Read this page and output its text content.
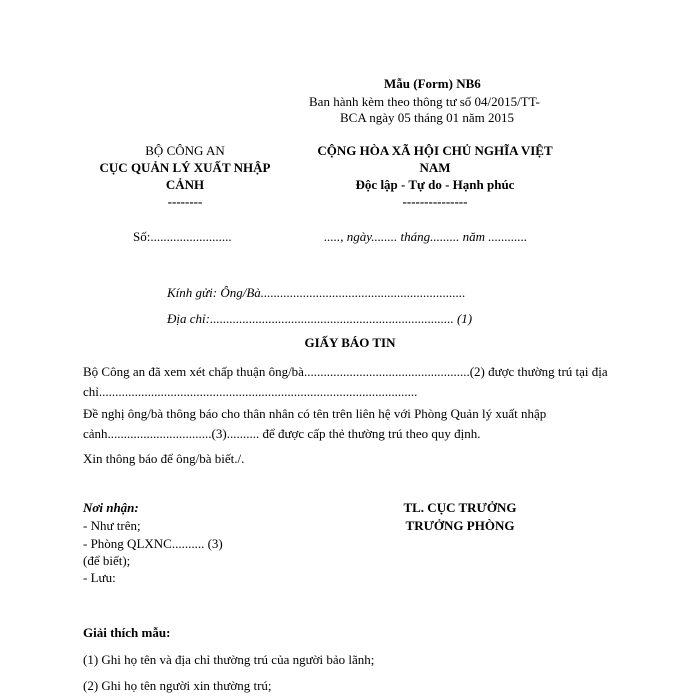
Mẫu (Form) NB6
Ban hành kèm theo thông tư số 04/2015/TT-
BCA ngày 05 tháng 01 năm 2015
BỘ CÔNG AN
CỤC QUẢN LÝ XUẤT NHẬP
CẢNH
--------
CỘNG HÒA XÃ HỘI CHỦ NGHĨA VIỆT
NAM
Độc lập - Tự do - Hạnh phúc
---------------
Số:.........................	....., ngày........ tháng......... năm ............
Kính gửi: Ông/Bà...............................................................
Địa chỉ:........................................................................... (1)
GIẤY BÁO TIN
Bộ Công an đã xem xét chấp thuận ông/bà...................................................(2) được thường trú tại địa chỉ..................................................................................................
Đề nghị ông/bà thông báo cho thân nhân có tên trên liên hệ với Phòng Quản lý xuất nhập cảnh................................(3).......... để được cấp thẻ thường trú theo quy định.
Xin thông báo để ông/bà biết./.
Nơi nhận:
- Như trên;
- Phòng QLXNC.......... (3)
(để biết);
- Lưu:
TL. CỤC TRƯỞNG
TRƯỞNG PHÒNG
Giải thích mẫu:
(1) Ghi họ tên và địa chỉ thường trú của người bảo lãnh;
(2) Ghi họ tên người xin thường trú;
